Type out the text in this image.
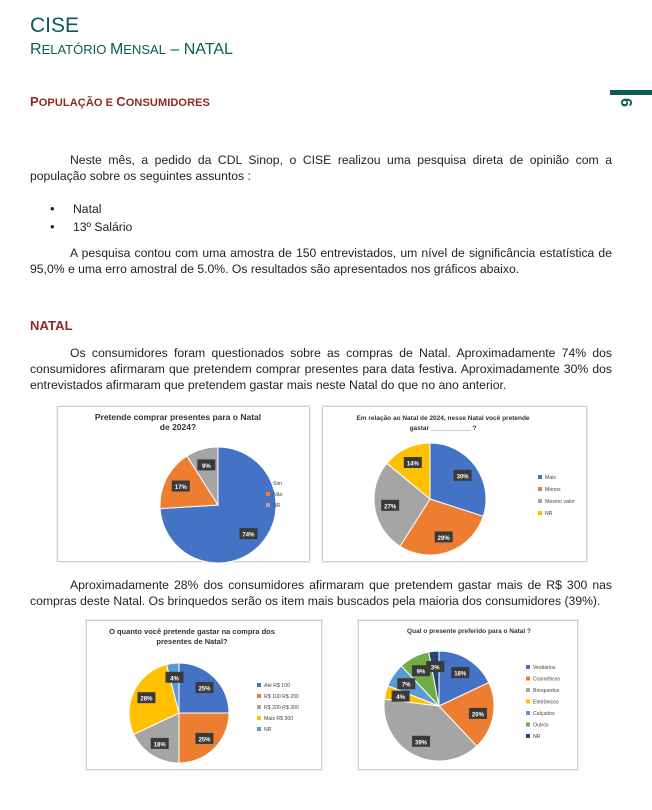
CISE
RELATÓRIO MENSAL – NATAL
6
POPULAÇÃO E CONSUMIDORES
Neste mês, a pedido da CDL Sinop, o CISE realizou uma pesquisa direta de opinião com a população sobre os seguintes assuntos :
• Natal
• 13º Salário
A pesquisa contou com uma amostra de 150 entrevistados, um nível de significância estatística de 95,0% e uma erro amostral de 5.0%. Os resultados são apresentados nos gráficos abaixo.
NATAL
Os consumidores foram questionados sobre as compras de Natal. Aproximadamente 74% dos consumidores afirmaram que pretendem comprar presentes para data festiva. Aproximadamente 30% dos entrevistados afirmaram que pretendem gastar mais neste Natal do que no ano anterior.
Pretende comprar presentes para o Natal
de 2024?
74%
17%
9%
Sim
Não
NR
Em relação ao Natal de 2024, nesse Natal você pretende
gastar ___________ ?
30%
29%
27%
14%
Mais
Menos
Mesmo valor
NR
Aproximadamente 28% dos consumidores afirmaram que pretendem gastar mais de R$ 300 nas compras deste Natal. Os brinquedos serão os item mais buscados pela maioria dos consumidores (39%).
O quanto você pretende gastar na compra dos
presentes de Natal?
25%
25%
18%
28%
4%
Até R$ 100
R$ 100 R$ 200
R$ 200 R$ 300
Mais R$ 300
NR
Qual o presente preferido para o Natal ?
18%
20%
39%
4%
7%
9%
3%	Vestiários
Cosméticos
Brinquedos
Eletrônicos
Calçados
Outros
NR
